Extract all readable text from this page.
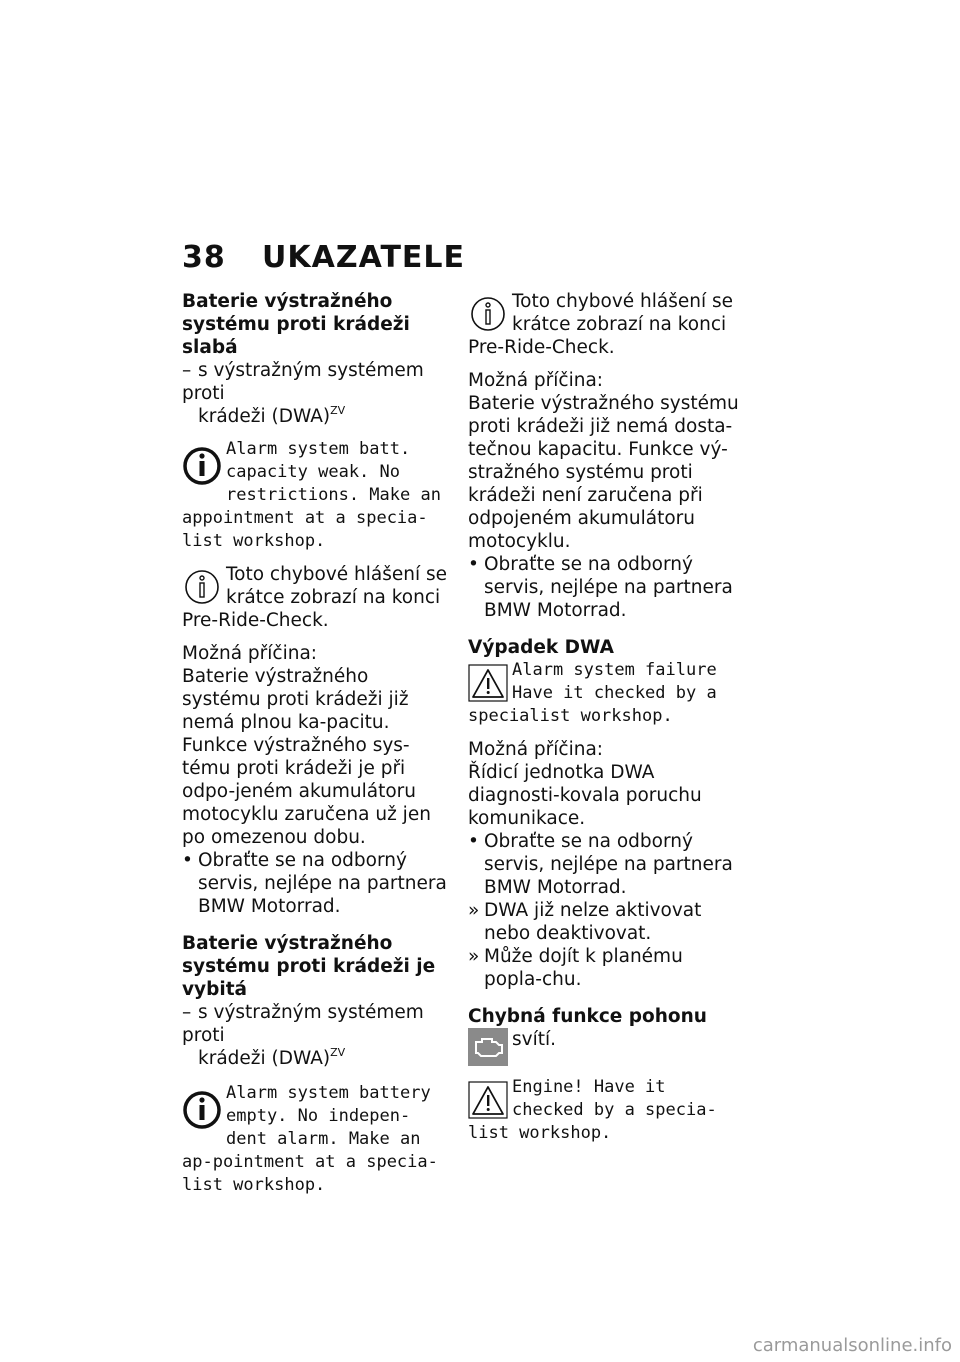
38 UKAZATELE

Baterie výstražného systému proti krádeži slabá

– s výstražným systémem proti

krádeži (DWA)$^{ZV}$

Alarm system batt. capacity weak. No restrictions. Make an appointment at a specia-list workshop.
Toto chybové hlášení se krátce zobrazí na konci Pre-Ride-Check.

Možná příčina:

Baterie výstražného systému proti krádeži již nemá plnou ka-pacitu. Funkce výstražného sys-tému proti krádeži je při odpo-jeném akumulátoru motocyklu zaručena už jen po omezenou dobu.

• Obraťte se na odborný servis, nejlépe na partnera BMW Motorrad.

Baterie výstražného systému proti krádeži je vybitá

– s výstražným systémem proti

krádeži (DWA)$^{ZV}$

Alarm system battery empty. No indepen-dent alarm. Make an ap-pointment at a specia-list workshop.
Toto chybové hlášení se krátce zobrazí na konci Pre-Ride-Check.

Možná příčina:

Baterie výstražného systému proti krádeži již nemá dosta-tečnou kapacitu. Funkce vý-stražného systému proti krádeži není zaručena při odpojeném akumulátoru motocyklu.

• Obraťte se na odborný servis, nejlépe na partnera BMW Motorrad.

Výpadek DWA

Alarm system failure Have it checked by a specialist workshop.

Možná příčina:

Řídicí jednotka DWA diagnosti-kovala poruchu komunikace.

• Obraťte se na odborný servis, nejlépe na partnera BMW Motorrad.
» DWA již nelze aktivovat nebo deaktivovat.
» Může dojít k planému popla-chu.

Chybná funkce pohonu

svítí.
Engine! Have it checked by a specia-list workshop.
carmanualsonline.info
